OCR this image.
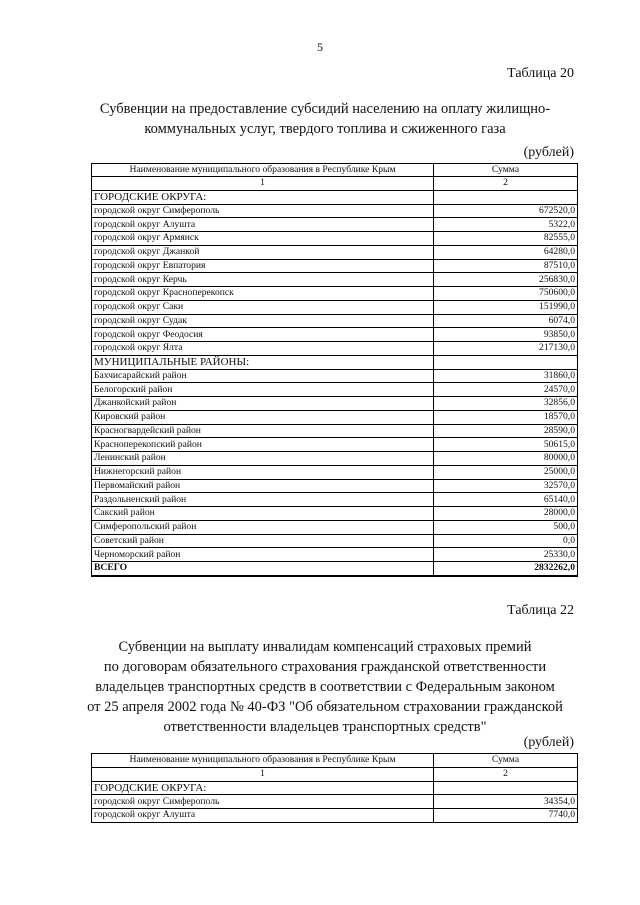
5
Таблица 20
Субвенции на предоставление субсидий населению на оплату жилищно-
коммунальных услуг, твердого топлива и сжиженного газа
(рублей)
Наименование муниципального образования в Республике Крым	Сумма
1	2
ГОРОДСКИЕ ОКРУГА:	
городской округ Симферополь	672520,0
городской округ Алушта	5322,0
городской округ Армянск	82555,0
городской округ Джанкой	64280,0
городской округ Евпатория	87510,0
городской округ Керчь	256830,0
городской округ Красноперекопск	750600,0
городской округ Саки	151990,0
городской округ Судак	6074,0
городской округ Феодосия	93850,0
городской округ Ялта	217130,0
МУНИЦИПАЛЬНЫЕ РАЙОНЫ:	
Бахчисарайский район	31860,0
Белогорский район	24570,0
Джанкойский район	32856,0
Кировский район	18570,0
Красногвардейский район	28590,0
Красноперекопский район	50615,0
Ленинский район	80000,0
Нижнегорский район	25000,0
Первомайский район	32570,0
Раздольненский район	65140,0
Сакский район	28000,0
Симферопольский район	500,0
Советский район	0,0
Черноморский район	25330,0
ВСЕГО	2832262,0
Таблица 22
Субвенции на выплату инвалидам компенсаций страховых премий
по договорам обязательного страхования гражданской ответственности
владельцев транспортных средств в соответствии с Федеральным законом
от 25 апреля 2002 года № 40-ФЗ "Об обязательном страховании гражданской
ответственности владельцев транспортных средств"
(рублей)
Наименование муниципального образования в Республике Крым	Сумма
1	2
ГОРОДСКИЕ ОКРУГА:	
городской округ Симферополь	34354,0
городской округ Алушта	7740,0
